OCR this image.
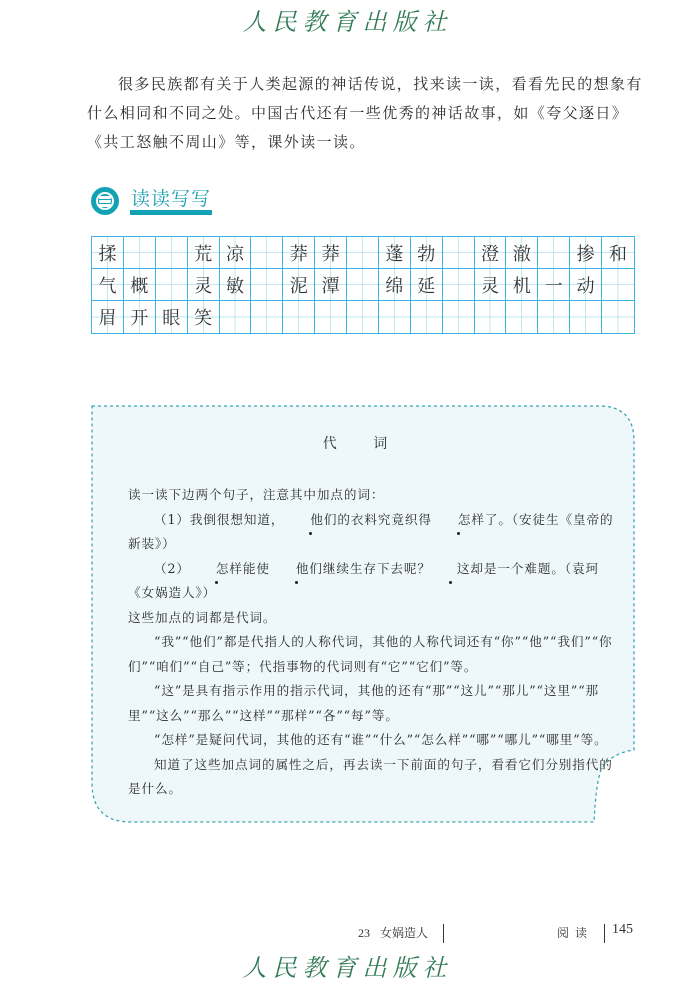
人民教育出版社

很多民族都有关于人类起源的神话传说，找来读一读，看看先民的想象有什么相同和不同之处。中国古代还有一些优秀的神话故事，如《夸父逐日》《共工怒触不周山》等，课外读一读。

读读写写
揉	荒 凉	莽 莽	蓬 勃	澄 澈	掺 和
气 概	灵 敏	泥 潭	绵 延	灵 机 一 动
眉 开 眼 笑
代 词

读一读下边两个句子，注意其中加点的词：

（1）我倒很想知道， 他们的衣料究竟织得 怎样了。（安徒生《皇帝的新装》）

（2） 怎样能使 他们继续生存下去呢？ 这却是一个难题。（袁珂《女娲造人》）

这些加点的词都是代词。

“我”“他们”都是代指人的人称代词，其他的人称代词还有“你”“他”“我们”“你们”“咱们”“自己”等；代指事物的代词则有“它”“它们”等。

“这”是具有指示作用的指示代词，其他的还有“那”“这儿”“那儿”“这里”“那里”“这么”“那么”“这样”“那样”“各”“每”等。

“怎样”是疑问代词，其他的还有“谁”“什么”“怎么样”“哪”“哪儿”“哪里”等。

知道了这些加点词的属性之后，再去读一下前面的句子，看看它们分别指代的是什么。

23 女娲造人	阅读 145
人民教育出版社
